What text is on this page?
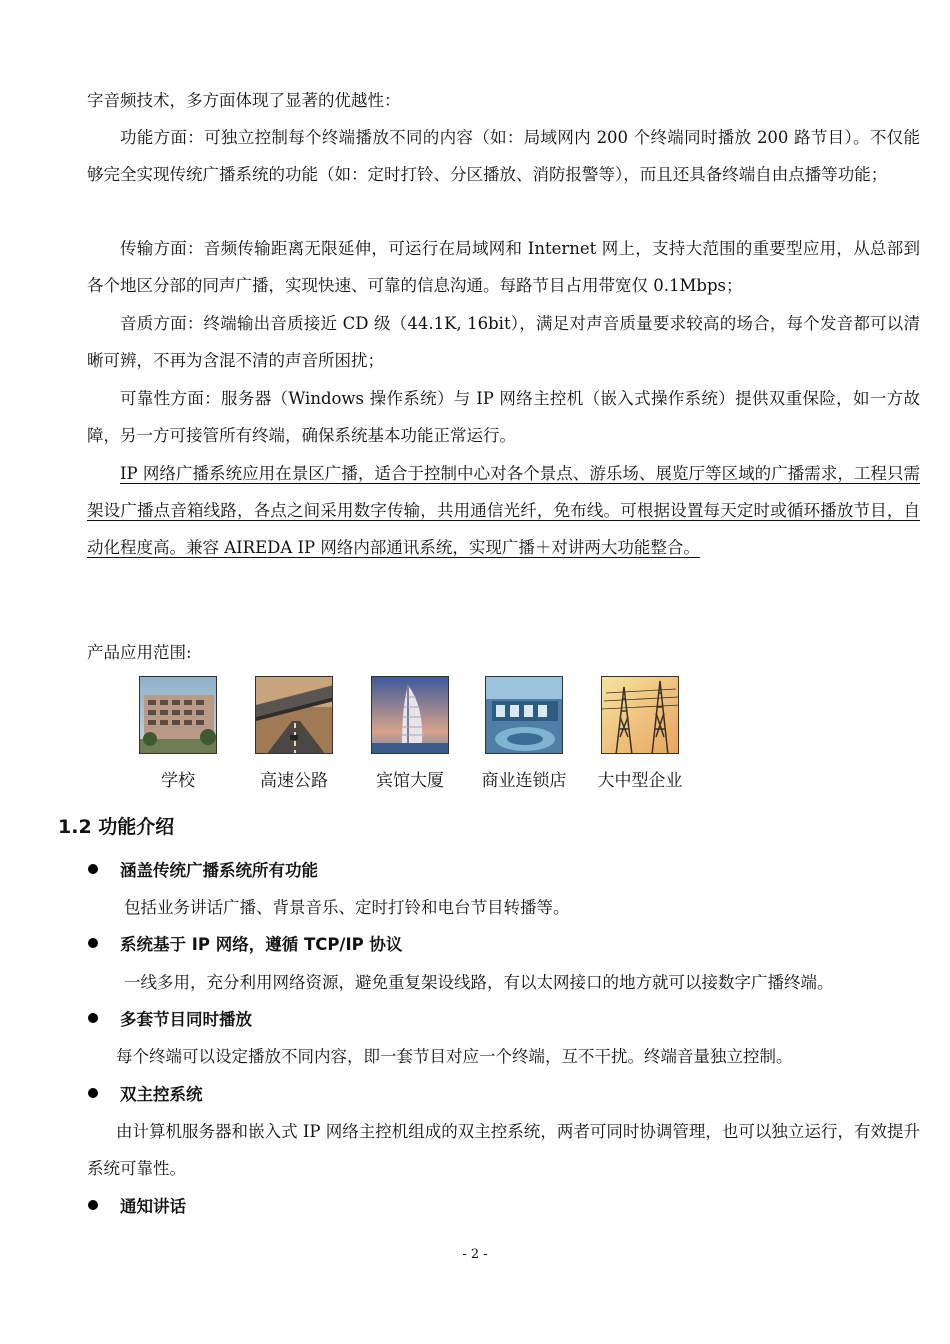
字音频技术，多方面体现了显著的优越性：

功能方面：可独立控制每个终端播放不同的内容（如：局域网内 200 个终端同时播放 200 路节目）。不仅能够完全实现传统广播系统的功能（如：定时打铃、分区播放、消防报警等），而且还具备终端自由点播等功能；

传输方面：音频传输距离无限延伸，可运行在局域网和 Internet 网上，支持大范围的重要型应用，从总部到各个地区分部的同声广播，实现快速、可靠的信息沟通。每路节目占用带宽仅 0.1Mbps；

音质方面：终端输出音质接近 CD 级（44.1K, 16bit），满足对声音质量要求较高的场合，每个发音都可以清晰可辨，不再为含混不清的声音所困扰；

可靠性方面：服务器（Windows 操作系统）与 IP 网络主控机（嵌入式操作系统）提供双重保险，如一方故障，另一方可接管所有终端，确保系统基本功能正常运行。

IP 网络广播系统应用在景区广播，适合于控制中心对各个景点、游乐场、展览厅等区域的广播需求，工程只需架设广播点音箱线路，各点之间采用数字传输，共用通信光纤，免布线。可根据设置每天定时或循环播放节目，自动化程度高。兼容 AIREDA IP 网络内部通讯系统，实现广播＋对讲两大功能整合。

产品应用范围:
学校	高速公路	宾馆大厦	商业连锁店	大中型企业
1.2 功能介绍
涵盖传统广播系统所有功能

包括业务讲话广播、背景音乐、定时打铃和电台节目转播等。

系统基于 IP 网络，遵循 TCP/IP 协议

一线多用，充分利用网络资源，避免重复架设线路，有以太网接口的地方就可以接数字广播终端。

多套节目同时播放

每个终端可以设定播放不同内容，即一套节目对应一个终端，互不干扰。终端音量独立控制。

双主控系统

由计算机服务器和嵌入式 IP 网络主控机组成的双主控系统，两者可同时协调管理，也可以独立运行，有效提升系统可靠性。

通知讲话
- 2 -
